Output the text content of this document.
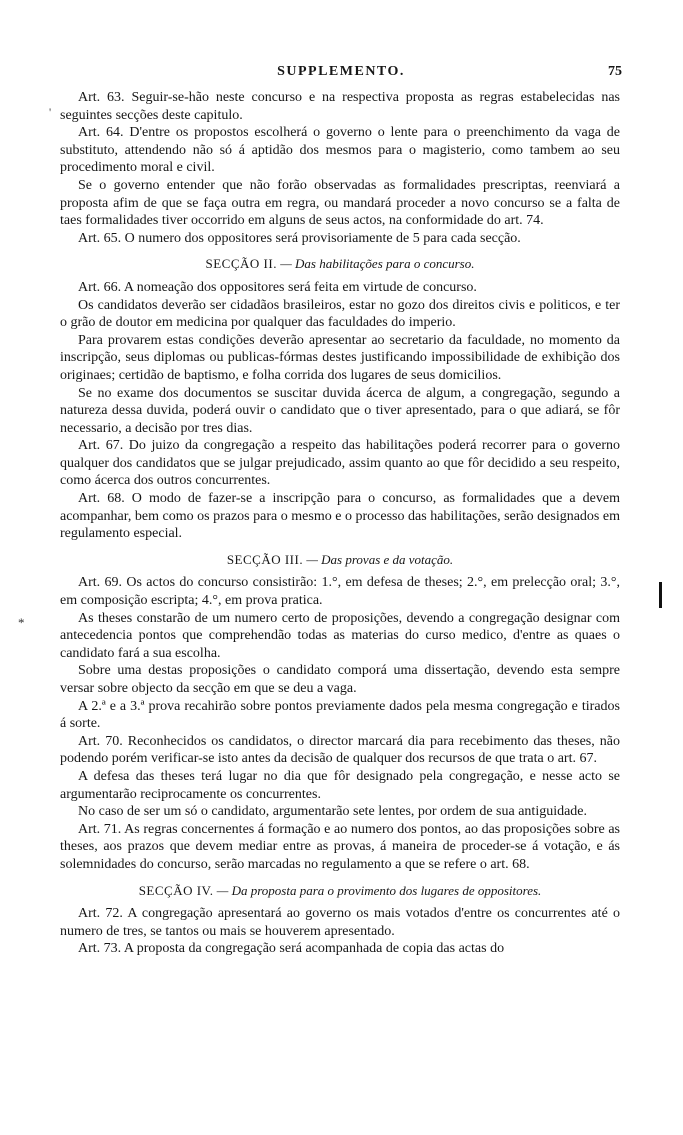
SUPPLEMENTO.	75
'
*

Art. 63. Seguir-se-hão neste concurso e na respectiva proposta as regras estabelecidas nas seguintes secções deste capitulo.

Art. 64. D'entre os propostos escolherá o governo o lente para o preenchimento da vaga de substituto, attendendo não só á aptidão dos mesmos para o magisterio, como tambem ao seu procedimento moral e civil.

Se o governo entender que não forão observadas as formalidades prescriptas, reenviará a proposta afim de que se faça outra em regra, ou mandará proceder a novo concurso se a falta de taes formalidades tiver occorrido em alguns de seus actos, na conformidade do art. 74.

Art. 65. O numero dos oppositores será provisoriamente de 5 para cada secção.

SECÇÃO II. — Das habilitações para o concurso.

Art. 66. A nomeação dos oppositores será feita em virtude de concurso.

Os candidatos deverão ser cidadãos brasileiros, estar no gozo dos direitos civis e politicos, e ter o grão de doutor em medicina por qualquer das faculdades do imperio.

Para provarem estas condições deverão apresentar ao secretario da faculdade, no momento da inscripção, seus diplomas ou publicas-fórmas destes justificando impossibilidade de exhibição dos originaes; certidão de baptismo, e folha corrida dos lugares de seus domicilios.

Se no exame dos documentos se suscitar duvida ácerca de algum, a congregação, segundo a natureza dessa duvida, poderá ouvir o candidato que o tiver apresentado, para o que adiará, se fôr necessario, a decisão por tres dias.

Art. 67. Do juizo da congregação a respeito das habilitações poderá recorrer para o governo qualquer dos candidatos que se julgar prejudicado, assim quanto ao que fôr decidido a seu respeito, como ácerca dos outros concurrentes.

Art. 68. O modo de fazer-se a inscripção para o concurso, as formalidades que a devem acompanhar, bem como os prazos para o mesmo e o processo das habilitações, serão designados em regulamento especial.

SECÇÃO III. — Das provas e da votação.

Art. 69. Os actos do concurso consistirão: 1.°, em defesa de theses; 2.°, em prelecção oral; 3.°, em composição escripta; 4.°, em prova pratica.

As theses constarão de um numero certo de proposições, devendo a congregação designar com antecedencia pontos que comprehendão todas as materias do curso medico, d'entre as quaes o candidato fará a sua escolha.

Sobre uma destas proposições o candidato comporá uma dissertação, devendo esta sempre versar sobre objecto da secção em que se deu a vaga.

A 2.ª e a 3.ª prova recahirão sobre pontos previamente dados pela mesma congregação e tirados á sorte.

Art. 70. Reconhecidos os candidatos, o director marcará dia para recebimento das theses, não podendo porém verificar-se isto antes da decisão de qualquer dos recursos de que trata o art. 67.

A defesa das theses terá lugar no dia que fôr designado pela congregação, e nesse acto se argumentarão reciprocamente os concurrentes.

No caso de ser um só o candidato, argumentarão sete lentes, por ordem de sua antiguidade.

Art. 71. As regras concernentes á formação e ao numero dos pontos, ao das proposições sobre as theses, aos prazos que devem mediar entre as provas, á maneira de proceder-se á votação, e ás solemnidades do concurso, serão marcadas no regulamento a que se refere o art. 68.

SECÇÃO IV. — Da proposta para o provimento dos lugares de oppositores.

Art. 72. A congregação apresentará ao governo os mais votados d'entre os concurrentes até o numero de tres, se tantos ou mais se houverem apresentado.

Art. 73. A proposta da congregação será acompanhada de copia das actas do
